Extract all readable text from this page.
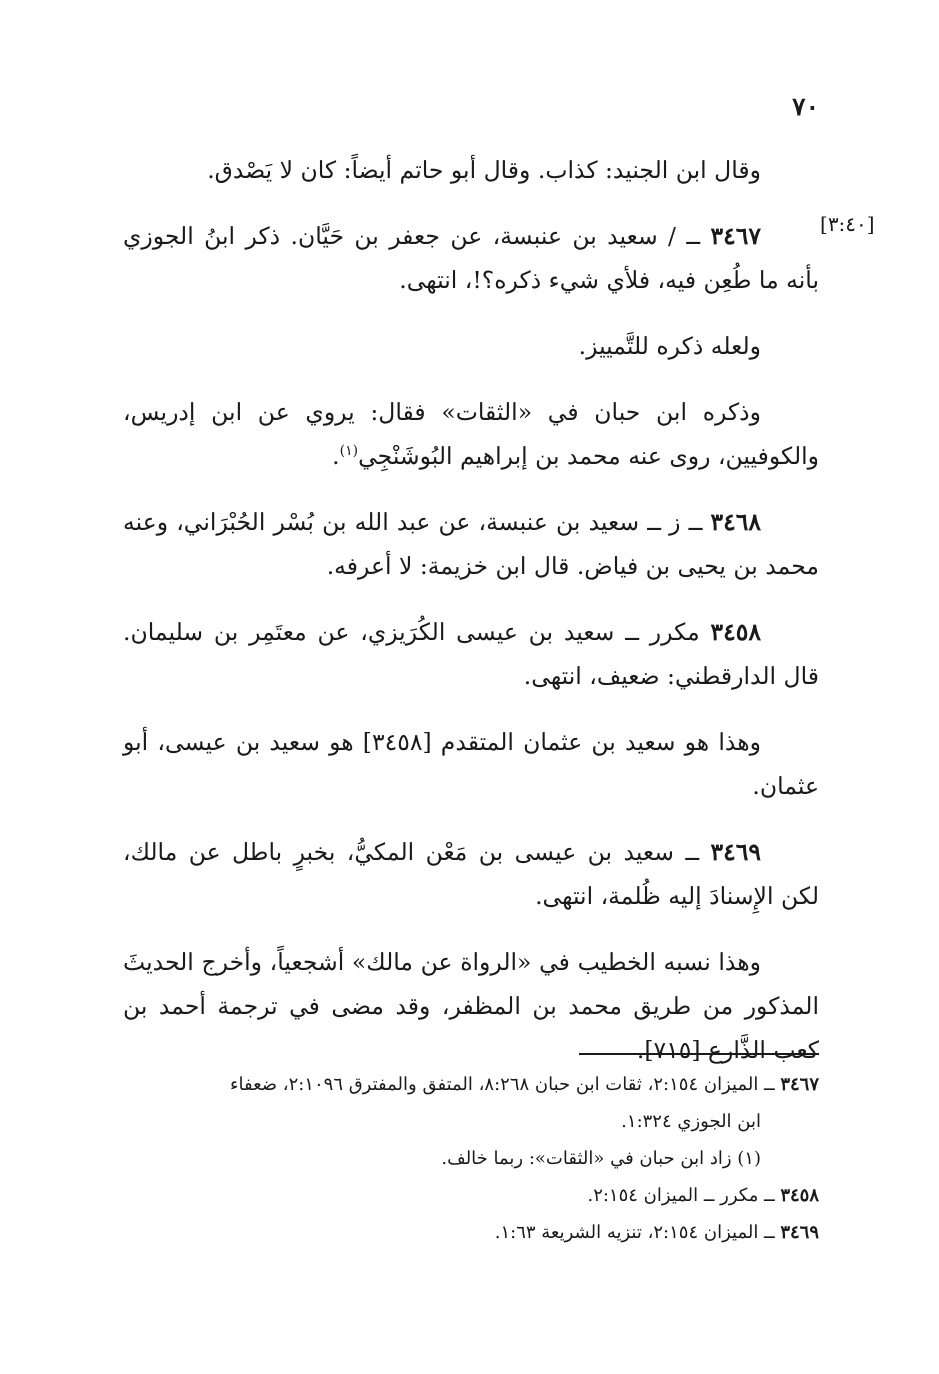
٧٠
[٣:٤٠]

وقال ابن الجنيد: كذاب. وقال أبو حاتم أيضاً: كان لا يَصْدق.

٣٤٦٧ ــ / سعيد بن عنبسة، عن جعفر بن حَيَّان. ذكر ابنُ الجوزي بأنه ما طُعِن فيه، فلأي شيء ذكره؟!، انتهى.

ولعله ذكره للتَّمييز.

وذكره ابن حبان في «الثقات» فقال: يروي عن ابن إدريس، والكوفيين، روى عنه محمد بن إبراهيم البُوشَنْجِي$^{(١)}$.

٣٤٦٨ ــ ز ــ سعيد بن عنبسة، عن عبد الله بن بُسْر الحُبْرَاني، وعنه محمد بن يحيى بن فياض. قال ابن خزيمة: لا أعرفه.

٣٤٥٨ مكرر ــ سعيد بن عيسى الكُرَيزي، عن معتَمِر بن سليمان. قال الدارقطني: ضعيف، انتهى.

وهذا هو سعيد بن عثمان المتقدم [٣٤٥٨] هو سعيد بن عيسى، أبو عثمان.

٣٤٦٩ ــ سعيد بن عيسى بن مَعْن المكيُّ، بخبرٍ باطل عن مالك، لكن الإِسنادَ إليه ظُلمة، انتهى.

وهذا نسبه الخطيب في «الرواة عن مالك» أشجعياً، وأخرج الحديثَ المذكور من طريق محمد بن المظفر، وقد مضى في ترجمة أحمد بن كعب الذَّارع [٧١٥].

٣٤٦٧ ــ الميزان ٢:١٥٤، ثقات ابن حبان ٨:٢٦٨، المتفق والمفترق ٢:١٠٩٦، ضعفاء

ابن الجوزي ١:٣٢٤.

(١) زاد ابن حبان في «الثقات»: ربما خالف.

٣٤٥٨ ــ مكرر ــ الميزان ٢:١٥٤.

٣٤٦٩ ــ الميزان ٢:١٥٤، تنزيه الشريعة ١:٦٣.
